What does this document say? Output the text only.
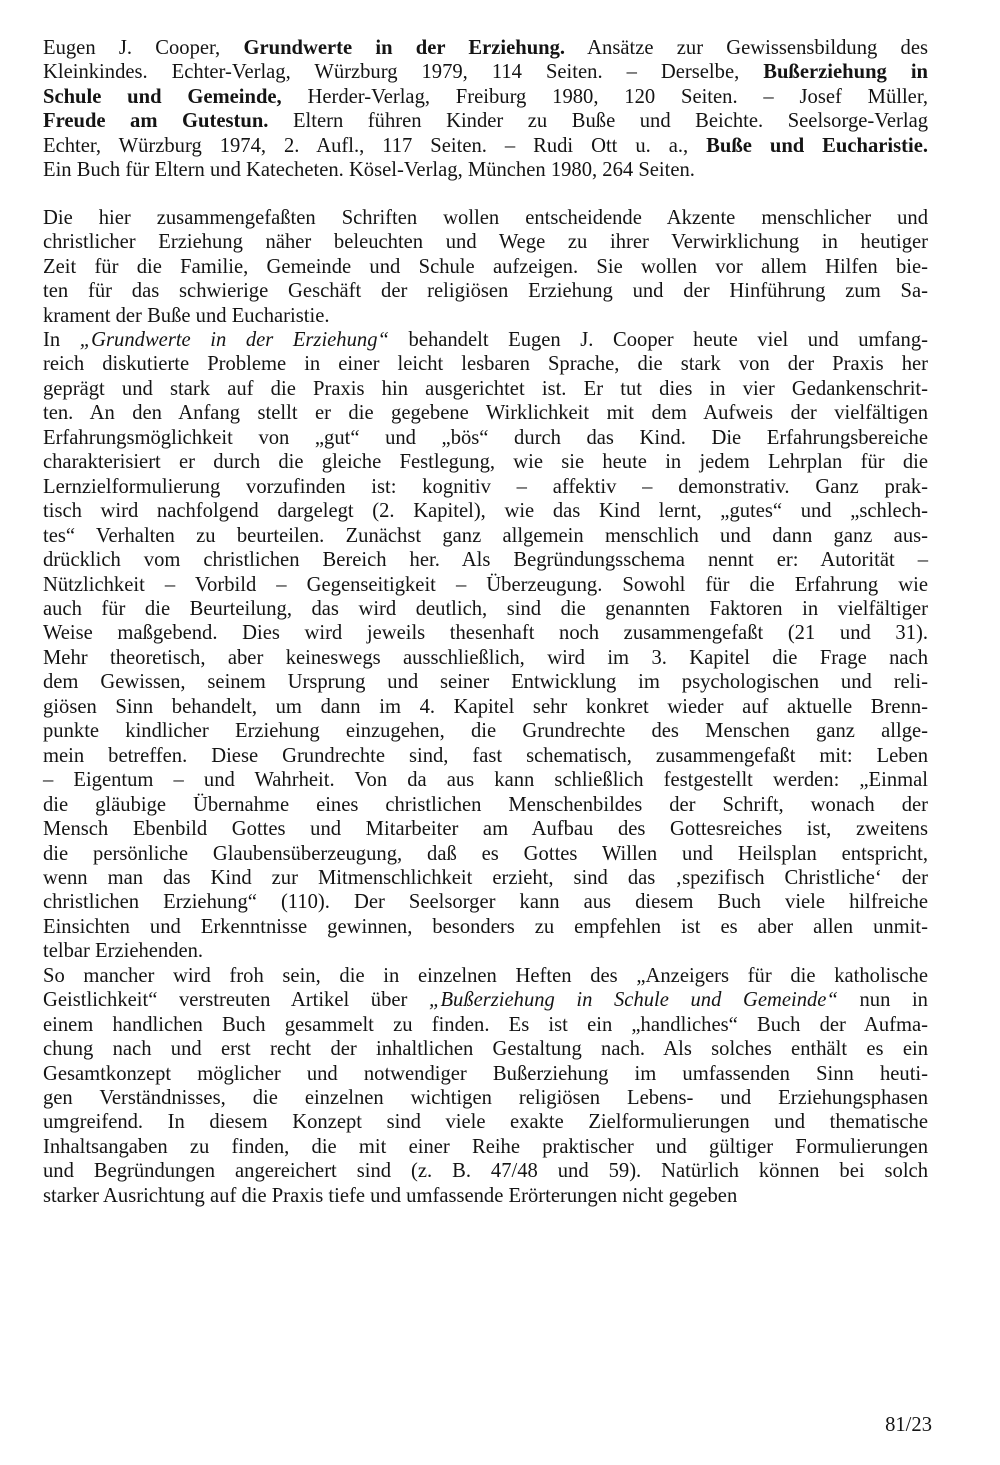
Eugen J. Cooper, Grundwerte in der Erziehung. Ansätze zur Gewissensbildung des
Kleinkindes. Echter-Verlag, Würzburg 1979, 114 Seiten. – Derselbe, Bußerziehung in
Schule und Gemeinde, Herder-Verlag, Freiburg 1980, 120 Seiten. – Josef Müller,
Freude am Gutestun. Eltern führen Kinder zu Buße und Beichte. Seelsorge-Verlag
Echter, Würzburg 1974, 2. Aufl., 117 Seiten. – Rudi Ott u. a., Buße und Eucharistie.
Ein Buch für Eltern und Katecheten. Kösel-Verlag, München 1980, 264 Seiten.

Die hier zusammengefaßten Schriften wollen entscheidende Akzente menschlicher und
christlicher Erziehung näher beleuchten und Wege zu ihrer Verwirklichung in heutiger
Zeit für die Familie, Gemeinde und Schule aufzeigen. Sie wollen vor allem Hilfen bie-
ten für das schwierige Geschäft der religiösen Erziehung und der Hinführung zum Sa-
krament der Buße und Eucharistie.

In „Grundwerte in der Erziehung“ behandelt Eugen J. Cooper heute viel und umfang-
reich diskutierte Probleme in einer leicht lesbaren Sprache, die stark von der Praxis her
geprägt und stark auf die Praxis hin ausgerichtet ist. Er tut dies in vier Gedankenschrit-
ten. An den Anfang stellt er die gegebene Wirklichkeit mit dem Aufweis der vielfältigen
Erfahrungsmöglichkeit von „gut“ und „bös“ durch das Kind. Die Erfahrungsbereiche
charakterisiert er durch die gleiche Festlegung, wie sie heute in jedem Lehrplan für die
Lernzielformulierung vorzufinden ist: kognitiv – affektiv – demonstrativ. Ganz prak-
tisch wird nachfolgend dargelegt (2. Kapitel), wie das Kind lernt, „gutes“ und „schlech-
tes“ Verhalten zu beurteilen. Zunächst ganz allgemein menschlich und dann ganz aus-
drücklich vom christlichen Bereich her. Als Begründungsschema nennt er: Autorität –
Nützlichkeit – Vorbild – Gegenseitigkeit – Überzeugung. Sowohl für die Erfahrung wie
auch für die Beurteilung, das wird deutlich, sind die genannten Faktoren in vielfältiger
Weise maßgebend. Dies wird jeweils thesenhaft noch zusammengefaßt (21 und 31).
Mehr theoretisch, aber keineswegs ausschließlich, wird im 3. Kapitel die Frage nach
dem Gewissen, seinem Ursprung und seiner Entwicklung im psychologischen und reli-
giösen Sinn behandelt, um dann im 4. Kapitel sehr konkret wieder auf aktuelle Brenn-
punkte kindlicher Erziehung einzugehen, die Grundrechte des Menschen ganz allge-
mein betreffen. Diese Grundrechte sind, fast schematisch, zusammengefaßt mit: Leben
– Eigentum – und Wahrheit. Von da aus kann schließlich festgestellt werden: „Einmal
die gläubige Übernahme eines christlichen Menschenbildes der Schrift, wonach der
Mensch Ebenbild Gottes und Mitarbeiter am Aufbau des Gottesreiches ist, zweitens
die persönliche Glaubensüberzeugung, daß es Gottes Willen und Heilsplan entspricht,
wenn man das Kind zur Mitmenschlichkeit erzieht, sind das ‚spezifisch Christliche‘ der
christlichen Erziehung“ (110). Der Seelsorger kann aus diesem Buch viele hilfreiche
Einsichten und Erkenntnisse gewinnen, besonders zu empfehlen ist es aber allen unmit-
telbar Erziehenden.

So mancher wird froh sein, die in einzelnen Heften des „Anzeigers für die katholische
Geistlichkeit“ verstreuten Artikel über „Bußerziehung in Schule und Gemeinde“ nun in
einem handlichen Buch gesammelt zu finden. Es ist ein „handliches“ Buch der Aufma-
chung nach und erst recht der inhaltlichen Gestaltung nach. Als solches enthält es ein
Gesamtkonzept möglicher und notwendiger Bußerziehung im umfassenden Sinn heuti-
gen Verständnisses, die einzelnen wichtigen religiösen Lebens- und Erziehungsphasen
umgreifend. In diesem Konzept sind viele exakte Zielformulierungen und thematische
Inhaltsangaben zu finden, die mit einer Reihe praktischer und gültiger Formulierungen
und Begründungen angereichert sind (z. B. 47/48 und 59). Natürlich können bei solch
starker Ausrichtung auf die Praxis tiefe und umfassende Erörterungen nicht gegeben

81/23
